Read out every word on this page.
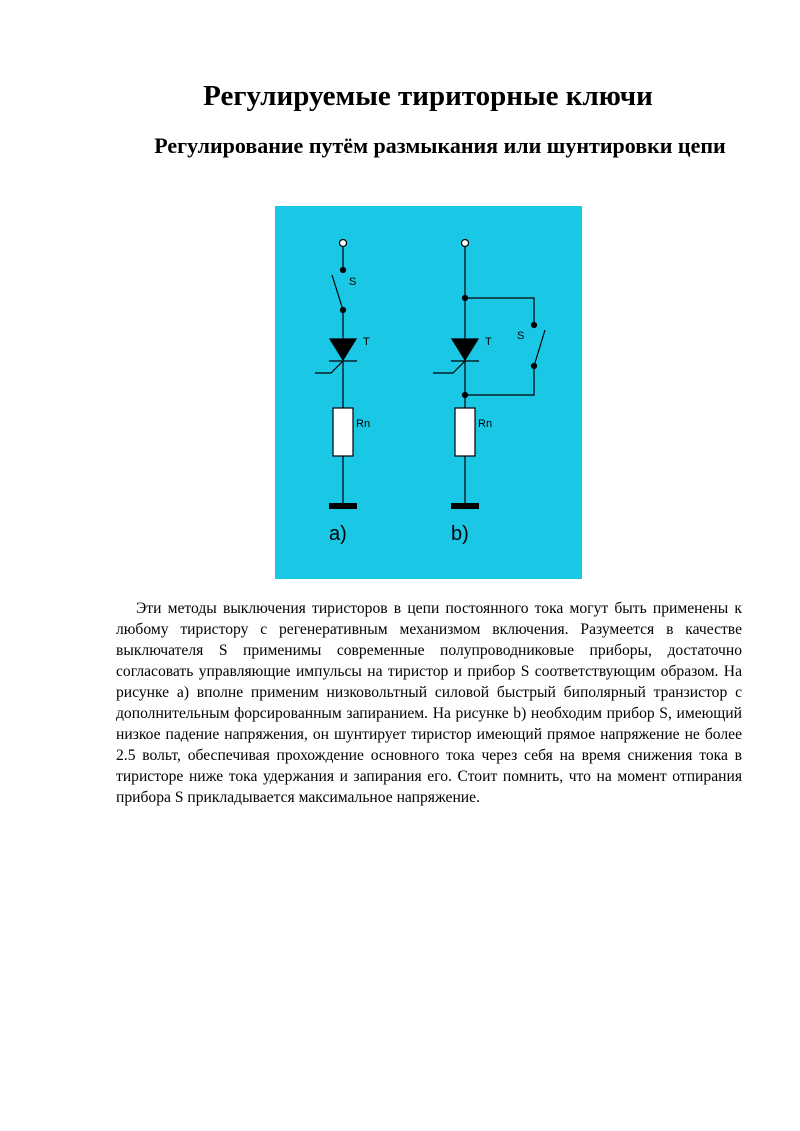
Регулируемые тириторные ключи
Регулирование путём размыкания или шунтировки цепи
S
T
Rn
a)
S
T
Rn
b)

Эти методы выключения тиристоров в цепи постоянного тока могут быть применены к любому тиристору с регенеративным механизмом включения. Разумеется в качестве выключателя S применимы современные полупроводниковые приборы, достаточно согласовать управляющие импульсы на тиристор и прибор S соответствующим образом. На рисунке а) вполне применим низковольтный силовой быстрый биполярный транзистор с дополнительным форсированным запиранием. На рисунке b) необходим прибор S, имеющий низкое падение напряжения, он шунтирует тиристор имеющий прямое напряжение не более 2.5 вольт, обеспечивая прохождение основного тока через себя на время снижения тока в тиристоре ниже тока удержания и запирания его. Стоит помнить, что на момент отпирания прибора S прикладывается максимальное напряжение.
